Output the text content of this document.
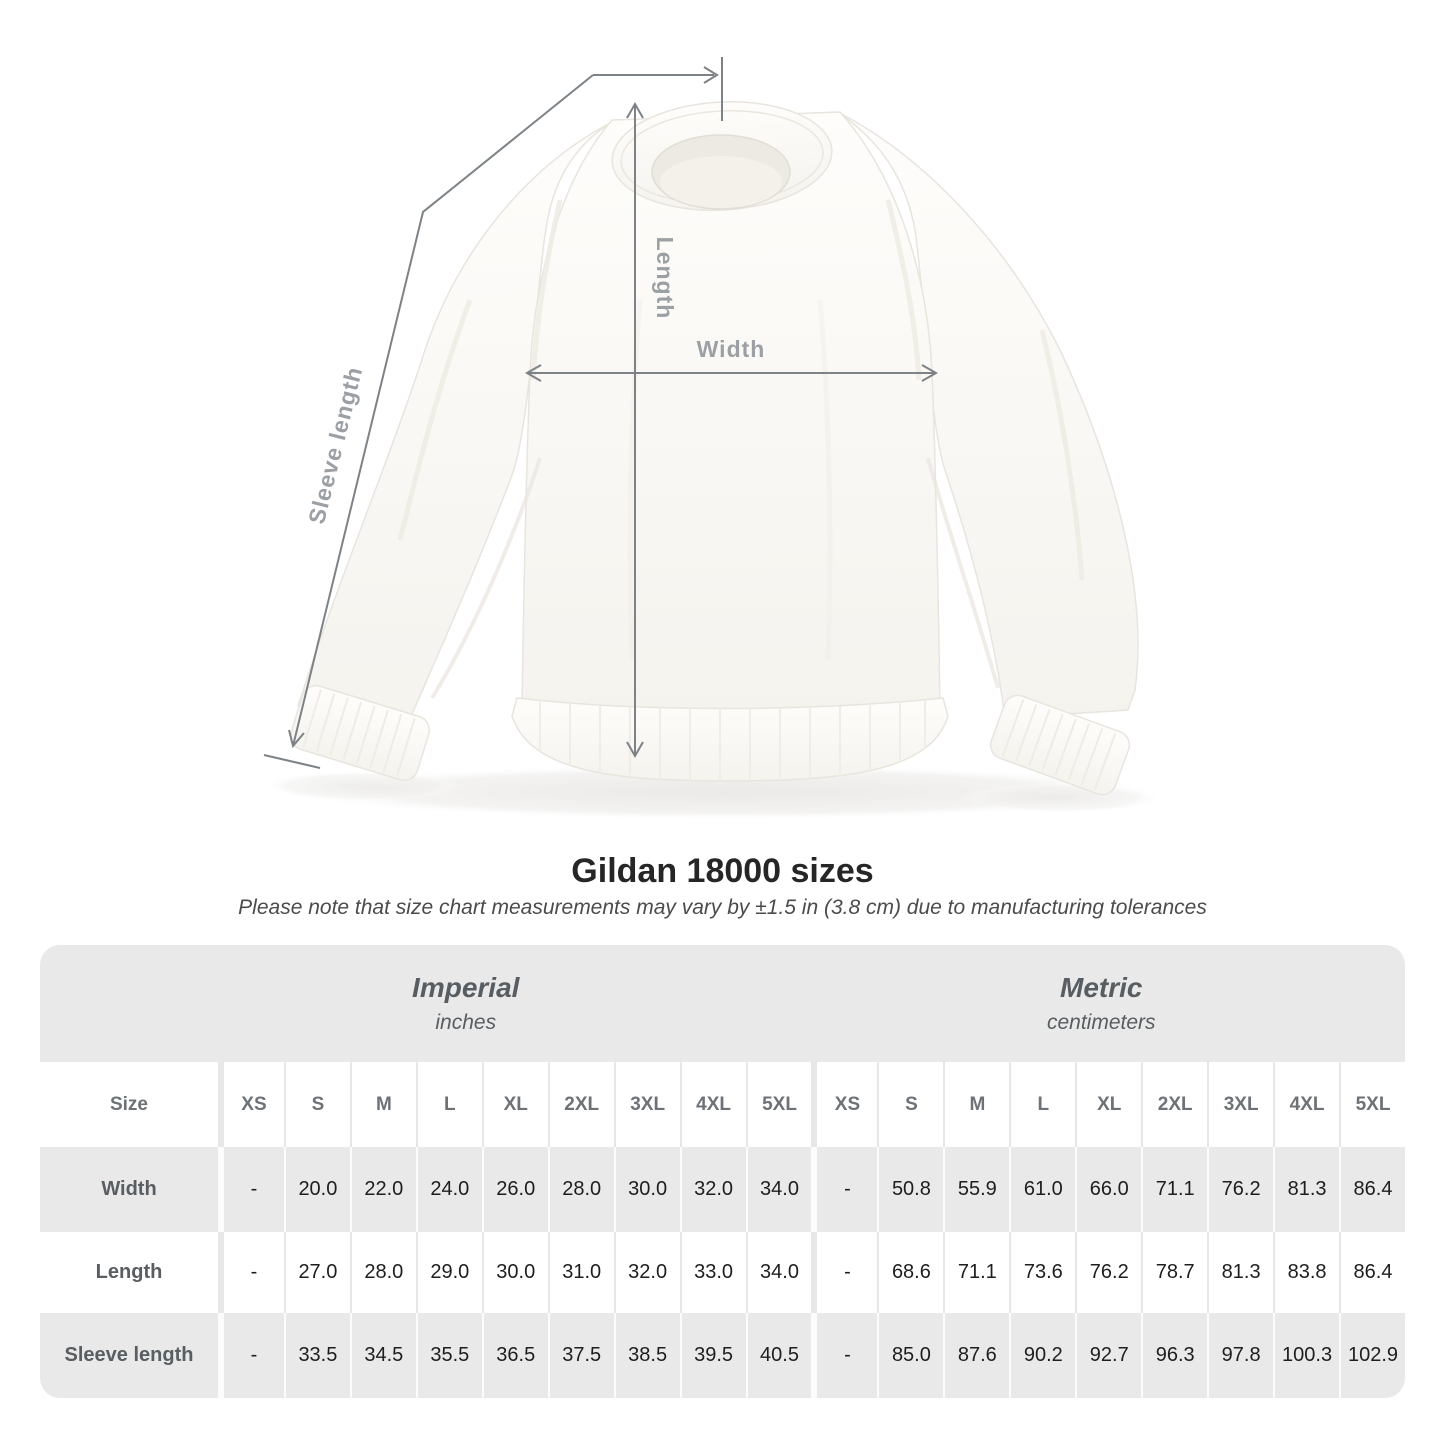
Sleeve length
Length
Width
Gildan 18000 sizes
Please note that size chart measurements may vary by ±1.5 in (3.8 cm) due to manufacturing tolerances
Imperial
inches
Metric
centimeters
Size	XS	S	M	L	XL	2XL	3XL	4XL	5XL	XS	S	M	L	XL	2XL	3XL	4XL	5XL
Width	-	20.0	22.0	24.0	26.0	28.0	30.0	32.0	34.0	-	50.8	55.9	61.0	66.0	71.1	76.2	81.3	86.4
Length	-	27.0	28.0	29.0	30.0	31.0	32.0	33.0	34.0	-	68.6	71.1	73.6	76.2	78.7	81.3	83.8	86.4
Sleeve length	-	33.5	34.5	35.5	36.5	37.5	38.5	39.5	40.5	-	85.0	87.6	90.2	92.7	96.3	97.8	100.3 102.9
